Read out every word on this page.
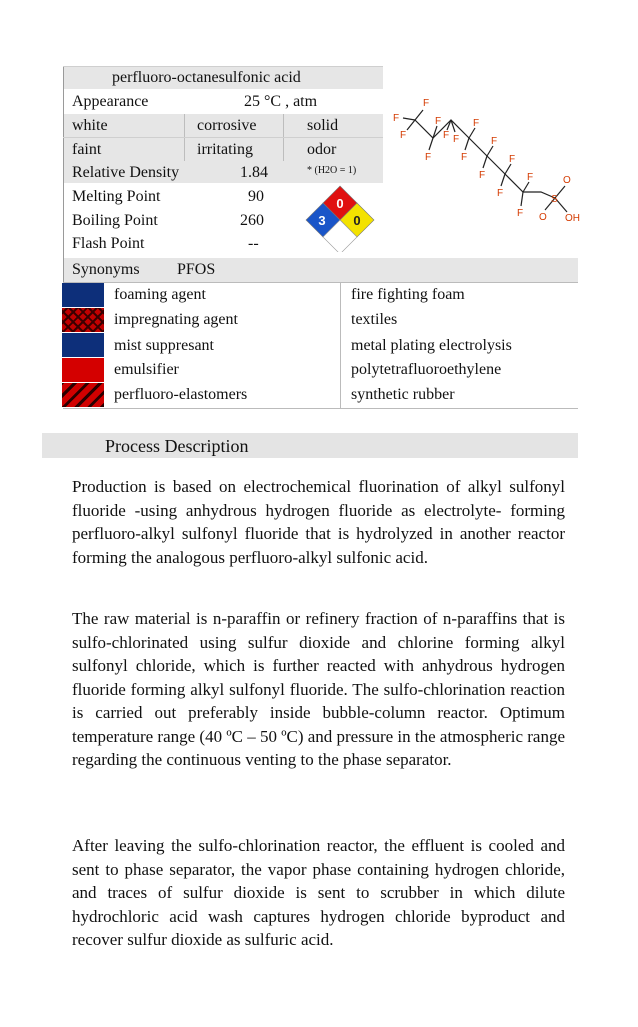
perfluoro-octanesulfonic acid
Appearance	25 °C , atm
white	corrosive	solid
faint	irritating	odor
Relative Density	1.84	* (H2O = 1)
Melting Point	90
Boiling Point	260
Flash Point	--
Synonyms PFOS
0
3 0
F
F
F
F
F
F
F
F
F
F
F
F
F
F
F
S
O
O OH
foaming agent	fire fighting foam
impregnating agent	textiles
mist suppresant	metal plating electrolysis
emulsifier	polytetrafluoroethylene
perfluoro-elastomers	synthetic rubber
Process Description

Production is based on electrochemical fluorination of alkyl sulfonyl fluoride -using anhydrous hydrogen fluoride as electrolyte- forming perfluoro-alkyl sulfonyl fluoride that is hydrolyzed in another reactor forming the analogous perfluoro-alkyl sulfonic acid.

The raw material is n-paraffin or refinery fraction of n-paraffins that is sulfo-chlorinated using sulfur dioxide and chlorine forming alkyl sulfonyl chloride, which is further reacted with anhydrous hydrogen fluoride forming alkyl sulfonyl fluoride. The sulfo-chlorination reaction is carried out preferably inside bubble-column reactor. Optimum temperature range (40 ºC – 50 ºC) and pressure in the atmospheric range regarding the continuous venting to the phase separator.

After leaving the sulfo-chlorination reactor, the effluent is cooled and sent to phase separator, the vapor phase containing hydrogen chloride, and traces of sulfur dioxide is sent to scrubber in which dilute hydrochloric acid wash captures hydrogen chloride byproduct and recover sulfur dioxide as sulfuric acid.
